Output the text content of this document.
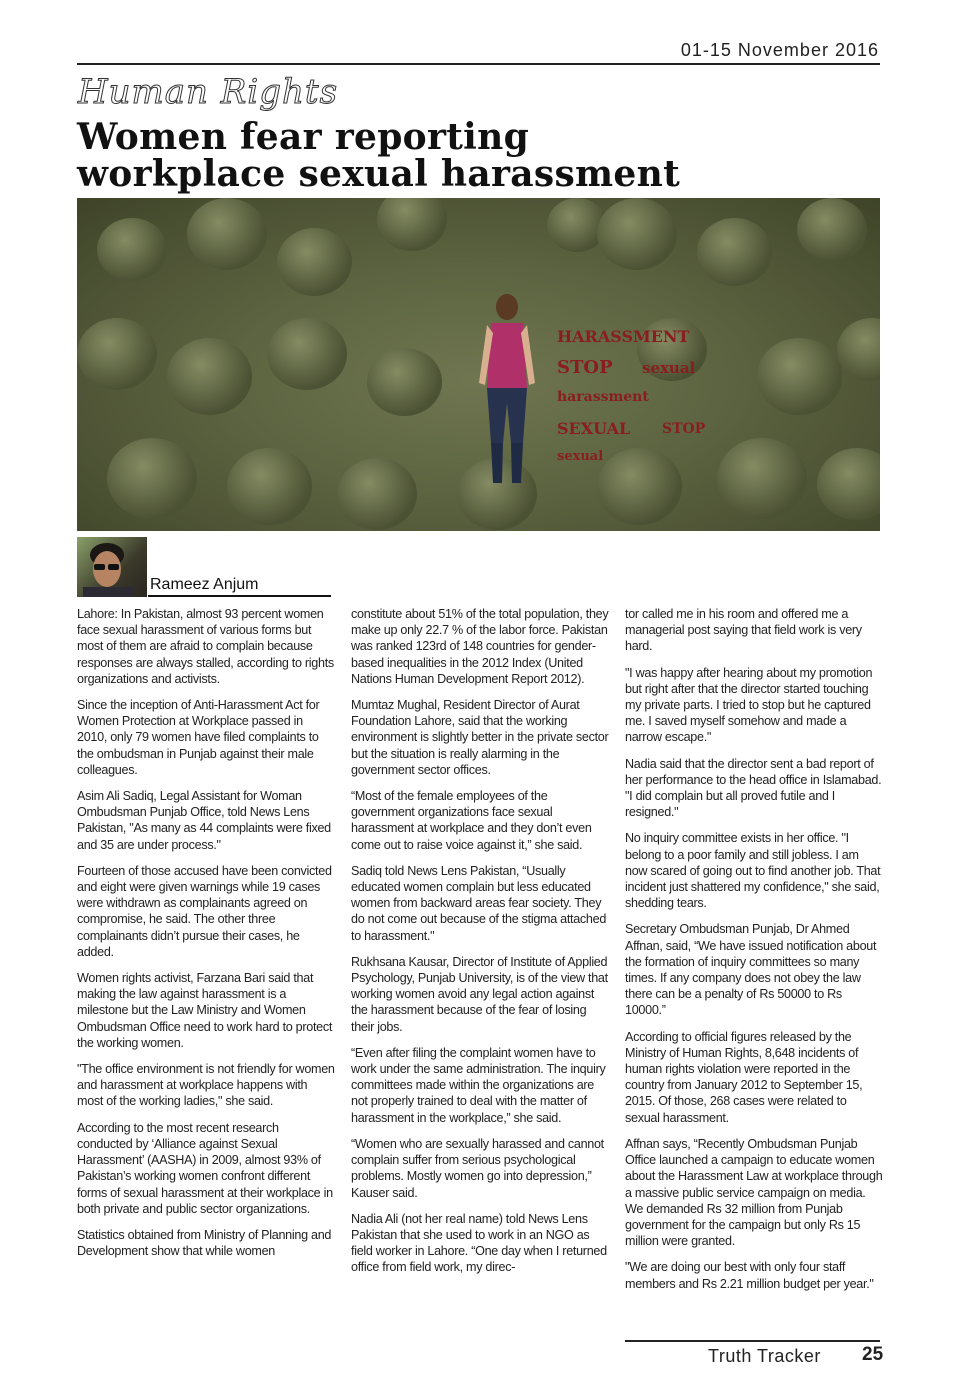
01-15 November 2016
Human Rights
Women fear reporting
workplace sexual harassment
HARASSMENT
STOP sexual
harassment
SEXUAL STOP
sexual
Rameez Anjum

Lahore: In Pakistan, almost 93 percent women face sexual harassment of various forms but most of them are afraid to complain because responses are always stalled, according to rights organizations and activists.

Since the inception of Anti-Harassment Act for Women Protection at Workplace passed in 2010, only 79 women have filed complaints to the ombudsman in Punjab against their male colleagues.

Asim Ali Sadiq, Legal Assistant for Woman Ombudsman Punjab Office, told News Lens Pakistan, "As many as 44 complaints were fixed and 35 are under process."

Fourteen of those accused have been convicted and eight were given warnings while 19 cases were withdrawn as complainants agreed on compromise, he said. The other three complainants didn’t pursue their cases, he added.

Women rights activist, Farzana Bari said that making the law against harassment is a milestone but the Law Ministry and Women Ombudsman Office need to work hard to protect the working women.

"The office environment is not friendly for women and harassment at workplace happens with most of the working ladies," she said.

According to the most recent research conducted by ‘Alliance against Sexual Harassment’ (AASHA) in 2009, almost 93% of Pakistan’s working women confront different forms of sexual harassment at their workplace in both private and public sector organizations.

Statistics obtained from Ministry of Planning and Development show that while women

constitute about 51% of the total population, they make up only 22.7 % of the labor force. Pakistan was ranked 123rd of 148 countries for gender-based inequalities in the 2012 Index (United Nations Human Development Report 2012).

Mumtaz Mughal, Resident Director of Aurat Foundation Lahore, said that the working environment is slightly better in the private sector but the situation is really alarming in the government sector offices.

“Most of the female employees of the government organizations face sexual harassment at workplace and they don’t even come out to raise voice against it,” she said.

Sadiq told News Lens Pakistan, “Usually educated women complain but less educated women from backward areas fear society. They do not come out because of the stigma attached to harassment."

Rukhsana Kausar, Director of Institute of Applied Psychology, Punjab University, is of the view that working women avoid any legal action against the harassment because of the fear of losing their jobs.

“Even after filing the complaint women have to work under the same administration. The inquiry committees made within the organizations are not properly trained to deal with the matter of harassment in the workplace,” she said.

“Women who are sexually harassed and cannot complain suffer from serious psychological problems. Mostly women go into depression,” Kauser said.

Nadia Ali (not her real name) told News Lens Pakistan that she used to work in an NGO as field worker in Lahore. “One day when I returned office from field work, my direc-

tor called me in his room and offered me a managerial post saying that field work is very hard.

"I was happy after hearing about my promotion but right after that the director started touching my private parts. I tried to stop but he captured me. I saved myself somehow and made a narrow escape."

Nadia said that the director sent a bad report of her performance to the head office in Islamabad. "I did complain but all proved futile and I resigned."

No inquiry committee exists in her office. "I belong to a poor family and still jobless. I am now scared of going out to find another job. That incident just shattered my confidence," she said, shedding tears.

Secretary Ombudsman Punjab, Dr Ahmed Affnan, said, “We have issued notification about the formation of inquiry committees so many times. If any company does not obey the law there can be a penalty of Rs 50000 to Rs 10000.”

According to official figures released by the Ministry of Human Rights, 8,648 incidents of human rights violation were reported in the country from January 2012 to September 15, 2015. Of those, 268 cases were related to sexual harassment.

Affnan says, “Recently Ombudsman Punjab Office launched a campaign to educate women about the Harassment Law at workplace through a massive public service campaign on media. We demanded Rs 32 million from Punjab government for the campaign but only Rs 15 million were granted.

"We are doing our best with only four staff members and Rs 2.21 million budget per year."

Truth Tracker 25
